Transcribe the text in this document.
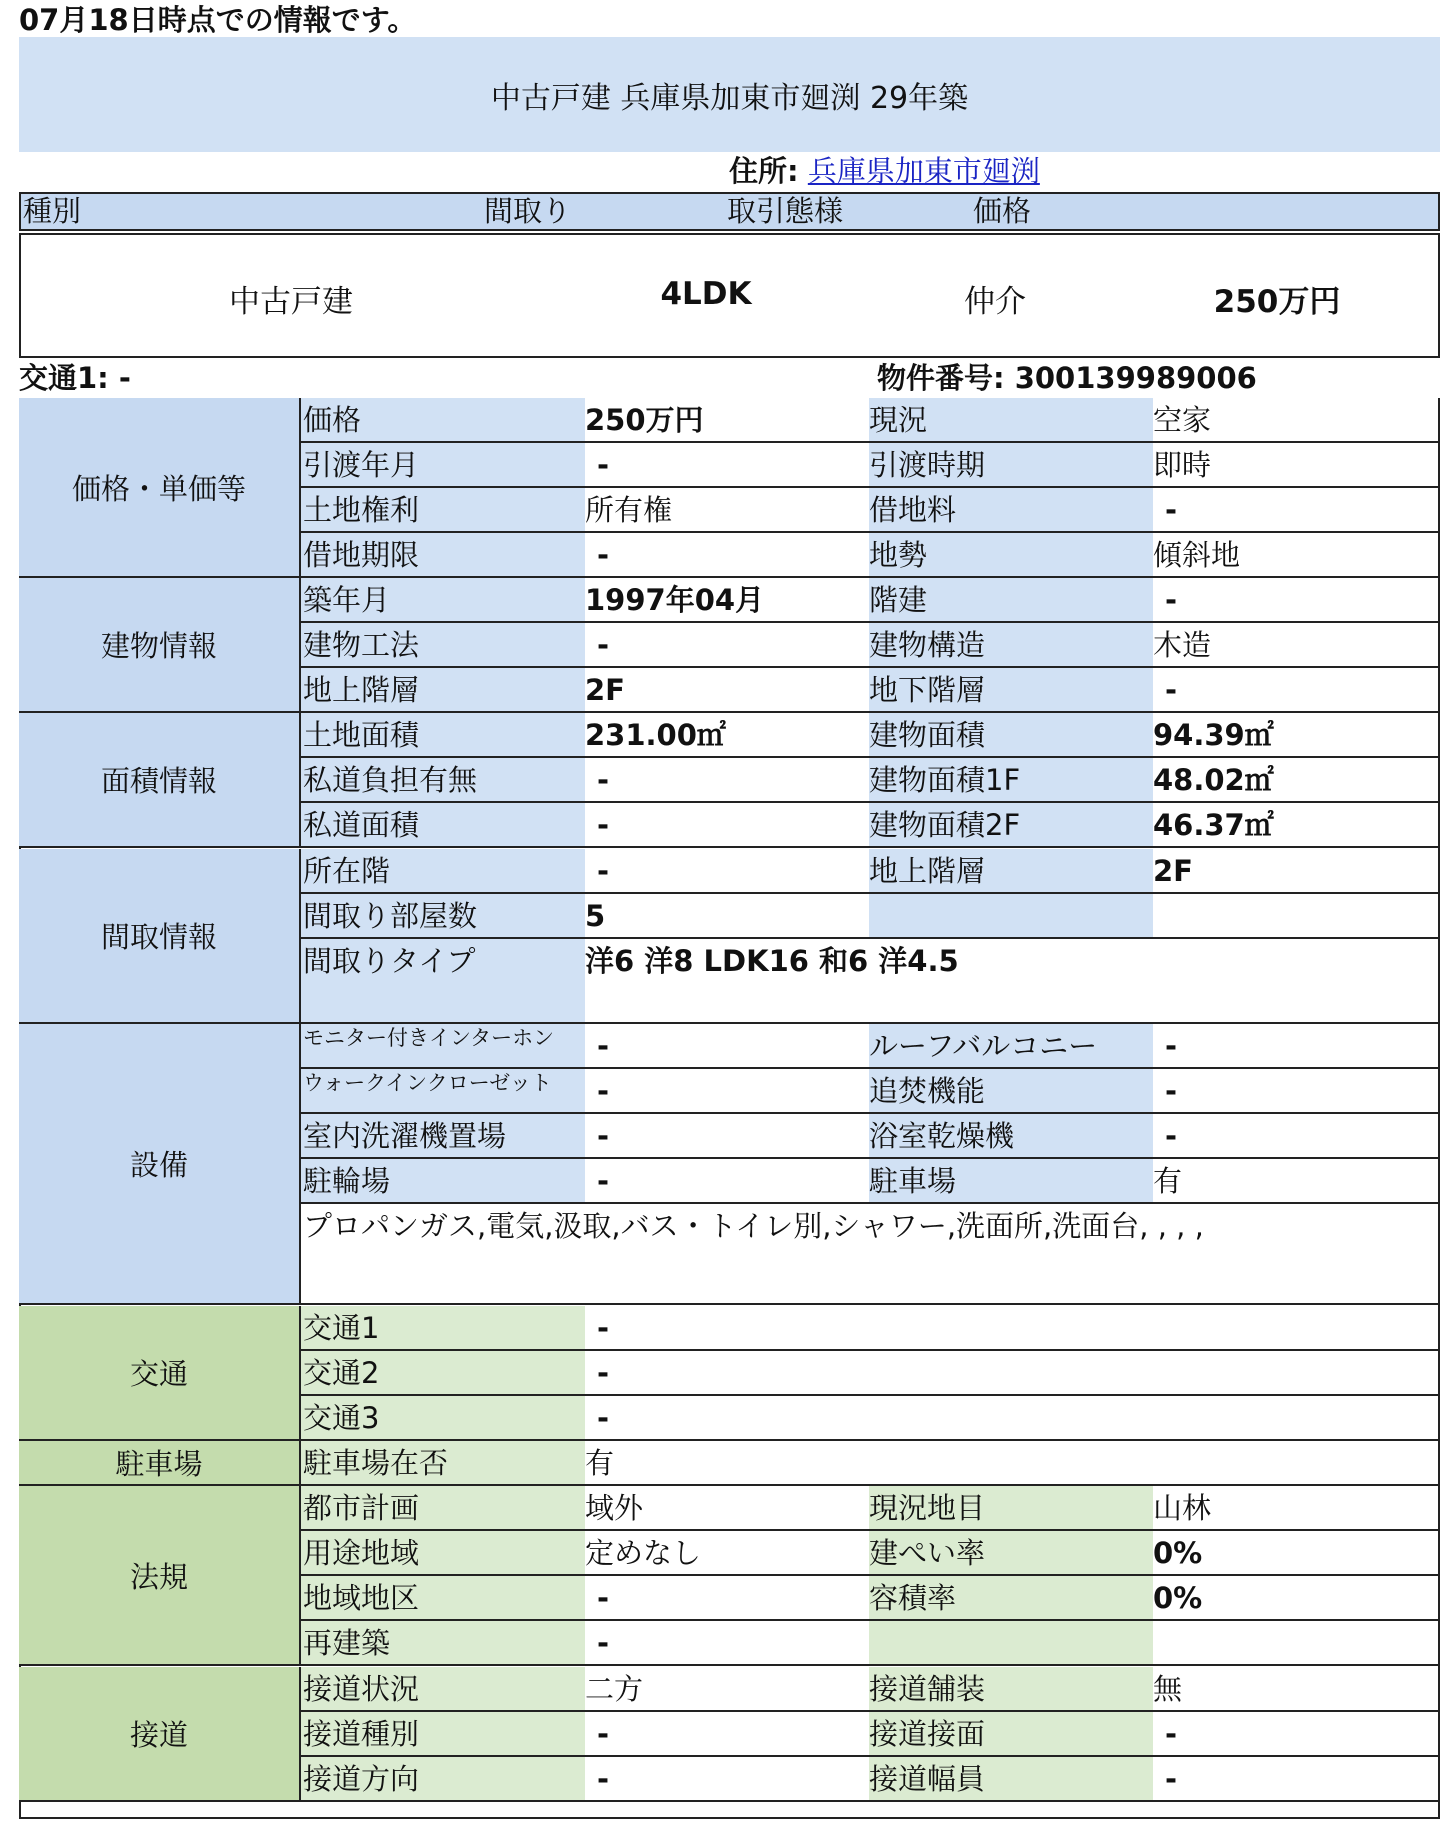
07月18日時点での情報です。
中古戸建 兵庫県加東市廻渕 29年築
住所: 兵庫県加東市廻渕
種別	間取り	取引態様	価格
中古戸建	4LDK	仲介	250万円
交通1: -	物件番号: 300139989006
価格・単価等
価格	250万円	現況	空家
引渡年月	-	引渡時期	即時
土地権利	所有権	借地料	-
借地期限	-	地勢	傾斜地
建物情報
築年月	1997年04月	階建	-
建物工法	-	建物構造	木造
地上階層	2F	地下階層	-
面積情報
土地面積	231.00㎡	建物面積	94.39㎡
私道負担有無	-	建物面積1F	48.02㎡
私道面積	-	建物面積2F	46.37㎡
間取情報
所在階	-	地上階層	2F
間取り部屋数	5
間取りタイプ	洋6 洋8 LDK16 和6 洋4.5
設備
モニター付きインターホン	-	ルーフバルコニー	-
ウォークインクローゼット	-	追焚機能	-
室内洗濯機置場	-	浴室乾燥機	-
駐輪場	-	駐車場	有
プロパンガス,電気,汲取,バス・トイレ別,シャワー,洗面所,洗面台, , , ,
交通
交通1	-
交通2	-
交通3	-
駐車場	駐車場在否	有
法規
都市計画	域外	現況地目	山林
用途地域	定めなし	建ぺい率	0%
地域地区	-	容積率	0%
再建築	-
接道
接道状況	二方	接道舗装	無
接道種別	-	接道接面	-
接道方向	-	接道幅員	-
